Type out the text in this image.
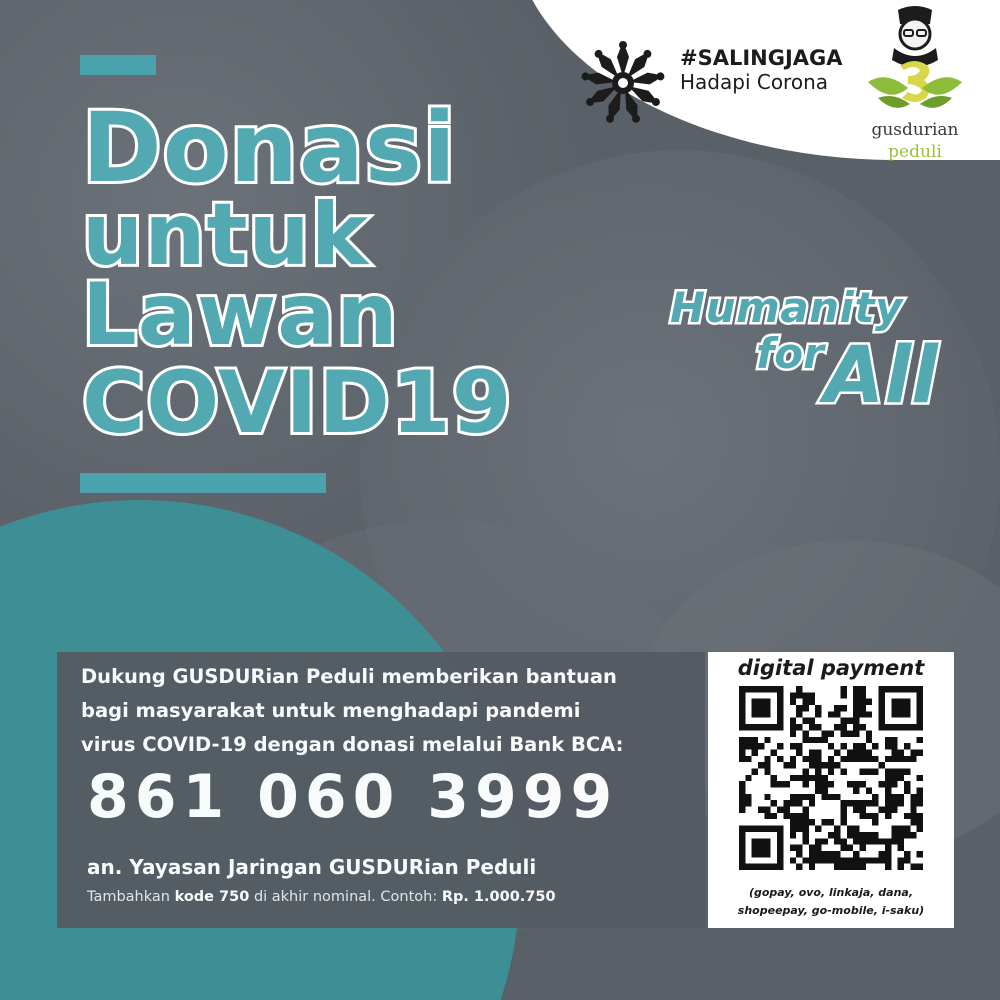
Donasi
untuk
Lawan
COVID19
Humanity
for All
#SALINGJAGA
Hadapi Corona
gusdurian
peduli
Dukung GUSDURian Peduli memberikan bantuan
bagi masyarakat untuk menghadapi pandemi
virus COVID-19 dengan donasi melalui Bank BCA:
861 060 3999
an. Yayasan Jaringan GUSDURian Peduli
Tambahkan kode 750 di akhir nominal. Contoh: Rp. 1.000.750
digital payment
(gopay, ovo, linkaja, dana,
shopeepay, go-mobile, i-saku)
